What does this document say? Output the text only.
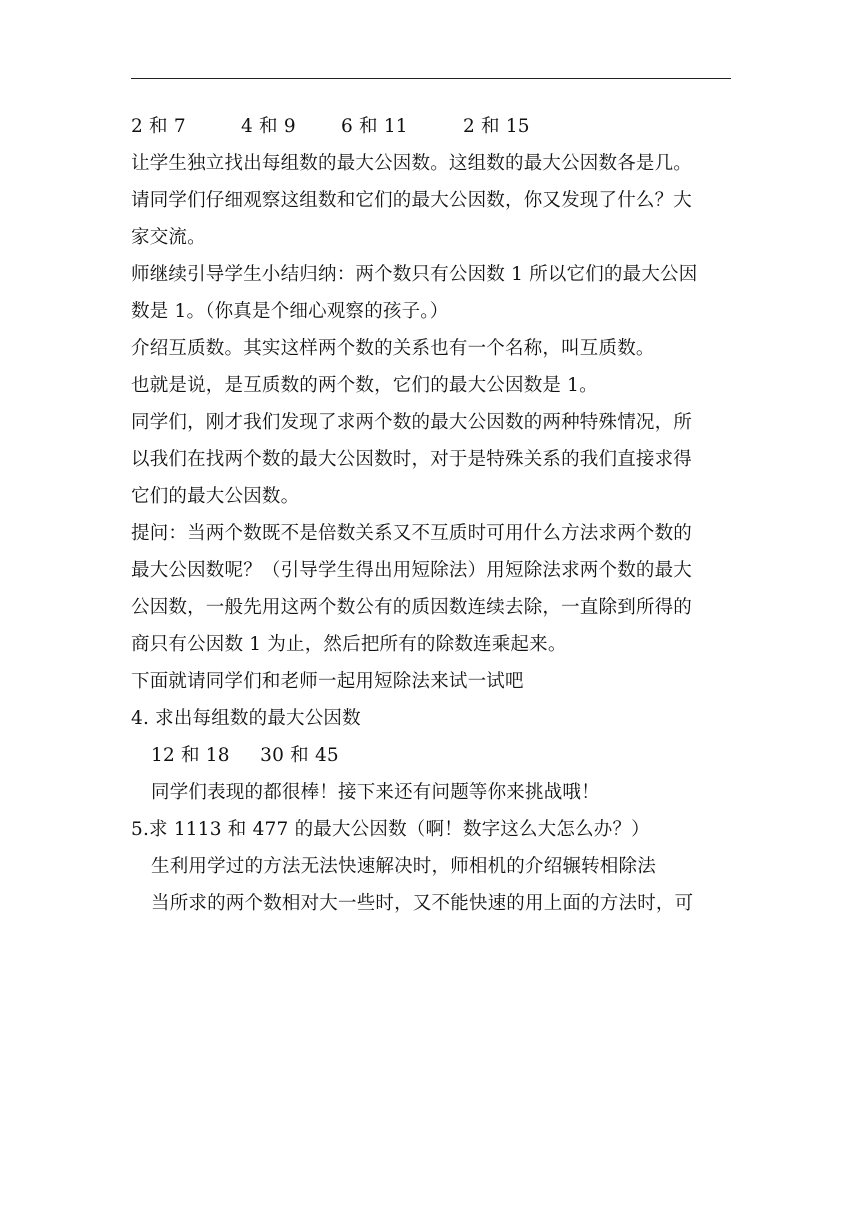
2 和 7	4 和 9 6 和 11	2 和 15
让学生独立找出每组数的最大公因数。这组数的最大公因数各是几。
请同学们仔细观察这组数和它们的最大公因数，你又发现了什么？大
家交流。
师继续引导学生小结归纳：两个数只有公因数 1 所以它们的最大公因
数是 1。（你真是个细心观察的孩子。）
介绍互质数。其实这样两个数的关系也有一个名称，叫互质数。
也就是说，是互质数的两个数，它们的最大公因数是 1。
同学们，刚才我们发现了求两个数的最大公因数的两种特殊情况，所
以我们在找两个数的最大公因数时，对于是特殊关系的我们直接求得
它们的最大公因数。
提问：当两个数既不是倍数关系又不互质时可用什么方法求两个数的
最大公因数呢？（引导学生得出用短除法）用短除法求两个数的最大
公因数，一般先用这两个数公有的质因数连续去除，一直除到所得的
商只有公因数 1 为止，然后把所有的除数连乘起来。
下面就请同学们和老师一起用短除法来试一试吧
4. 求出每组数的最大公因数
12 和 18     30 和 45
同学们表现的都很棒！接下来还有问题等你来挑战哦！
5.求 1113 和 477 的最大公因数（啊！数字这么大怎么办？）
生利用学过的方法无法快速解决时，师相机的介绍辗转相除法
当所求的两个数相对大一些时，又不能快速的用上面的方法时，可
